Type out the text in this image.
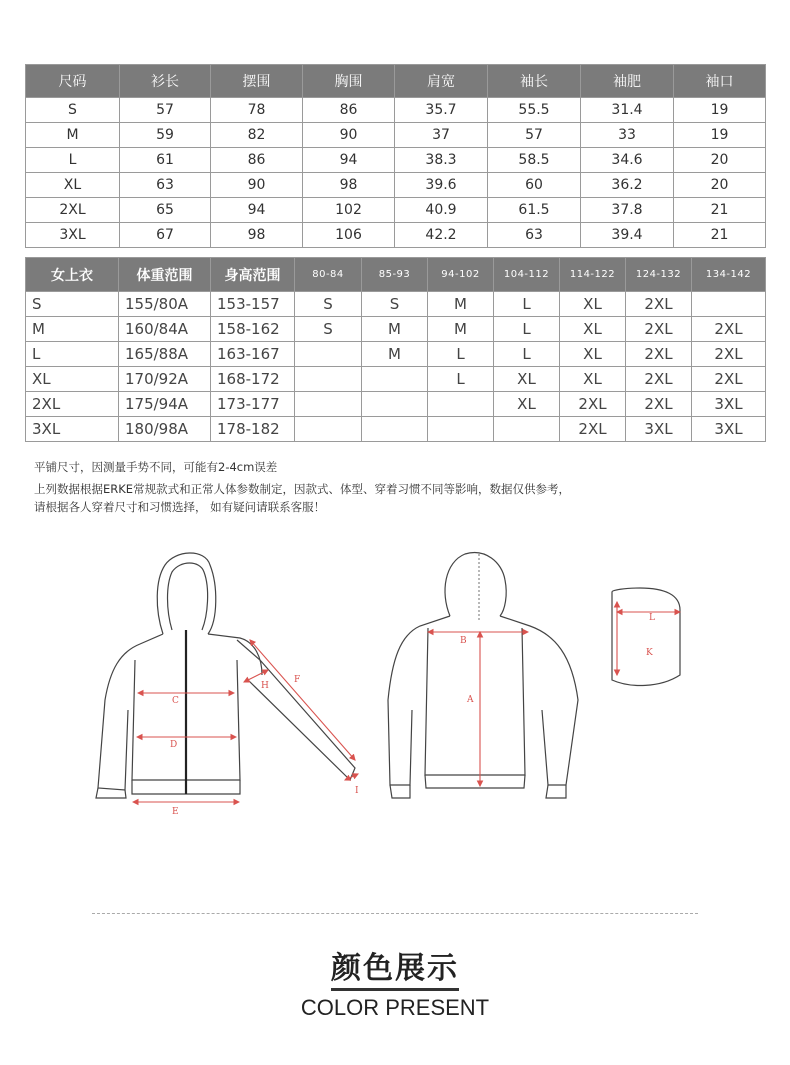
尺码	衫长	摆围	胸围	肩宽	袖长	袖肥	袖口
S	57	78	86	35.7	55.5	31.4	19
M	59	82	90	37	57	33	19
L	61	86	94	38.3	58.5	34.6	20
XL	63	90	98	39.6	60	36.2	20
2XL	65	94	102	40.9	61.5	37.8	21
3XL	67	98	106	42.2	63	39.4	21
女上衣	体重范围	身高范围	80-84	85-93	94-102	104-112	114-122	124-132	134-142
S	155/80A	153-157	S	S	M	L	XL	2XL	
M	160/84A	158-162	S	M	M	L	XL	2XL	2XL
L	165/88A	163-167		M	L	L	XL	2XL	2XL
XL	170/92A	168-172			L	XL	XL	2XL	2XL
2XL	175/94A	173-177				XL	2XL	2XL	3XL
3XL	180/98A	178-182					2XL	3XL	3XL
平铺尺寸，因测量手势不同，可能有2-4cm误差
上列数据根据ERKE常规款式和正常人体参数制定，因款式、体型、穿着习惯不同等影响，数据仅供参考，
请根据各人穿着尺寸和习惯选择， 如有疑问请联系客服！
C
D
E
F
H
I
B
A
L
K
颜色展示
COLOR PRESENT
